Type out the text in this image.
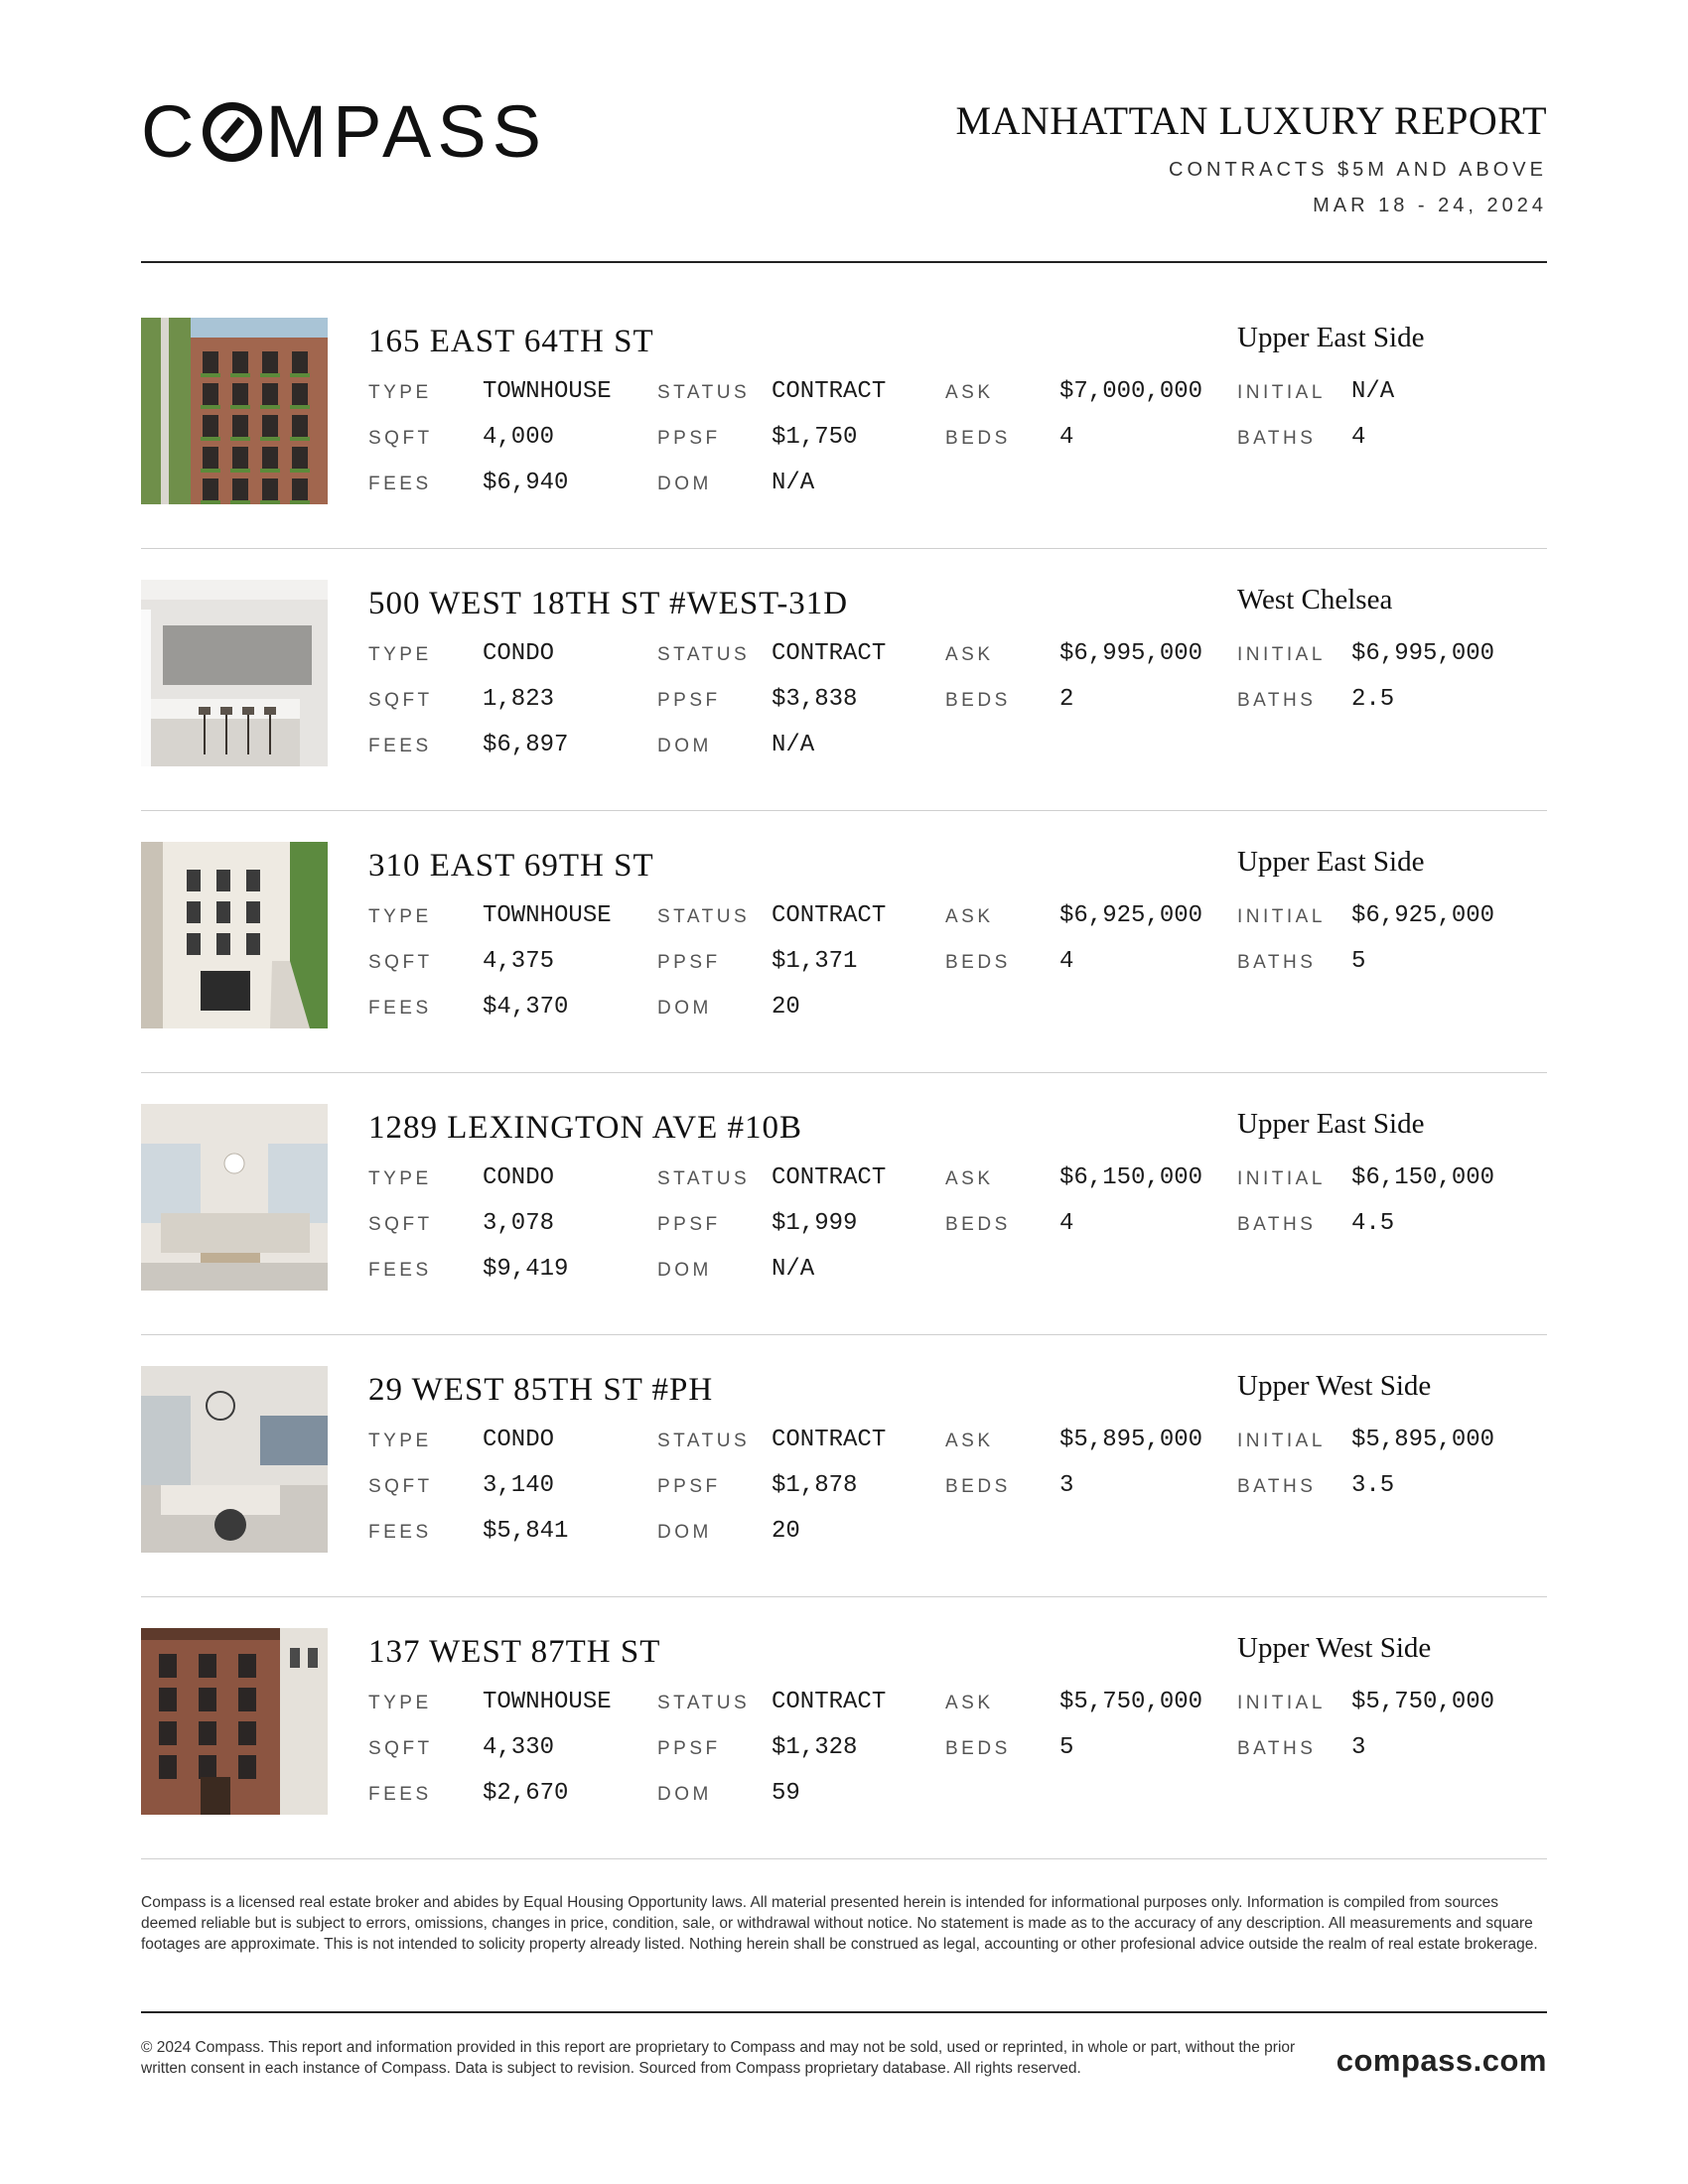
C MPASS	MANHATTAN LUXURY REPORT
CONTRACTS $5M AND ABOVE
MAR 18 - 24, 2024
165 EAST 64TH ST	Upper East Side
TYPE TOWNHOUSE STATUS CONTRACT	ASK	$7,000,000 INITIAL N/A
SQFT 4,000	PPSF $1,750	BEDS 4	BATHS 4
FEES $6,940	DOM	N/A
500 WEST 18TH ST #WEST-31D	West Chelsea
TYPE CONDO	STATUS CONTRACT	ASK	$6,995,000 INITIAL $6,995,000
SQFT 1,823	PPSF $3,838	BEDS 2	BATHS 2.5
FEES $6,897	DOM	N/A
310 EAST 69TH ST	Upper East Side
TYPE TOWNHOUSE STATUS CONTRACT	ASK	$6,925,000 INITIAL $6,925,000
SQFT 4,375	PPSF $1,371	BEDS 4	BATHS 5
FEES $4,370	DOM	20
1289 LEXINGTON AVE #10B	Upper East Side
TYPE CONDO	STATUS CONTRACT	ASK	$6,150,000 INITIAL $6,150,000
SQFT 3,078	PPSF $1,999	BEDS 4	BATHS 4.5
FEES $9,419	DOM	N/A
29 WEST 85TH ST #PH	Upper West Side
TYPE CONDO	STATUS CONTRACT	ASK	$5,895,000 INITIAL $5,895,000
SQFT 3,140	PPSF $1,878	BEDS 3	BATHS 3.5
FEES $5,841	DOM	20
137 WEST 87TH ST	Upper West Side
TYPE TOWNHOUSE STATUS CONTRACT	ASK	$5,750,000 INITIAL $5,750,000
SQFT 4,330	PPSF $1,328	BEDS 5	BATHS 3
FEES $2,670	DOM	59
Compass is a licensed real estate broker and abides by Equal Housing Opportunity laws. All material presented herein is intended for informational purposes only. Information is compiled from sources deemed reliable but is subject to errors, omissions, changes in price, condition, sale, or withdrawal without notice. No statement is made as to the accuracy of any description. All measurements and square footages are approximate. This is not intended to solicity property already listed. Nothing herein shall be construed as legal, accounting or other profesional advice outside the realm of real estate brokerage.
© 2024 Compass. This report and information provided in this report are proprietary to Compass and may not be sold, used or reprinted, in whole or part, without the prior written consent in each instance of Compass. Data is subject to revision. Sourced from Compass proprietary database. All rights reserved.	compass.com
